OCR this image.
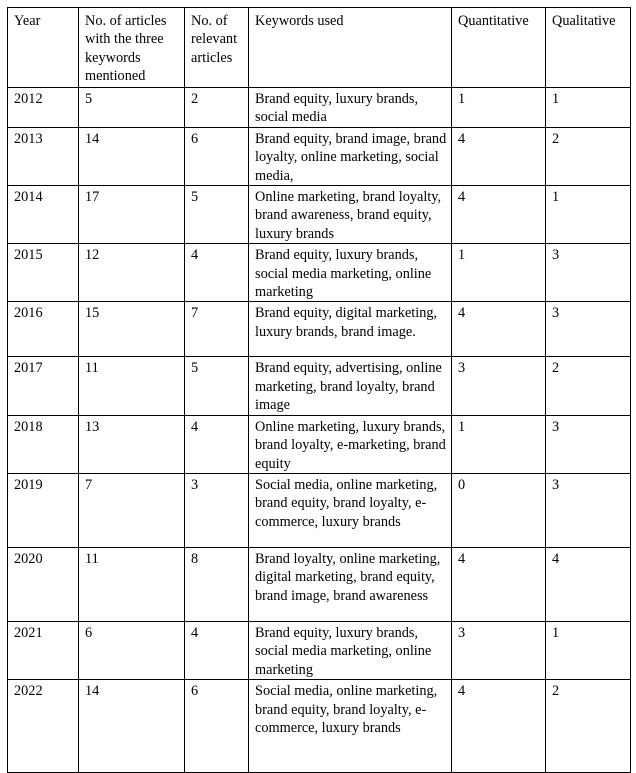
Year	No. of articles with the three keywords mentioned	No. of relevant articles	Keywords used	Quantitative	Qualitative
2012	5	2	Brand equity, luxury brands, social media	1	1
2013	14	6	Brand equity, brand image, brand loyalty, online marketing, social media,	4	2
2014	17	5	Online marketing, brand loyalty, brand awareness, brand equity, luxury brands	4	1
2015	12	4	Brand equity, luxury brands, social media marketing, online marketing	1	3
2016	15	7	Brand equity, digital marketing, luxury brands, brand image.	4	3
2017	11	5	Brand equity, advertising, online marketing, brand loyalty, brand image	3	2
2018	13	4	Online marketing, luxury brands, brand loyalty, e-marketing, brand equity	1	3
2019	7	3	Social media, online marketing, brand equity, brand loyalty, e-commerce, luxury brands	0	3
2020	11	8	Brand loyalty, online marketing, digital marketing, brand equity, brand image, brand awareness	4	4
2021	6	4	Brand equity, luxury brands, social media marketing, online marketing	3	1
2022	14	6	Social media, online marketing, brand equity, brand loyalty, e-commerce, luxury brands	4	2
